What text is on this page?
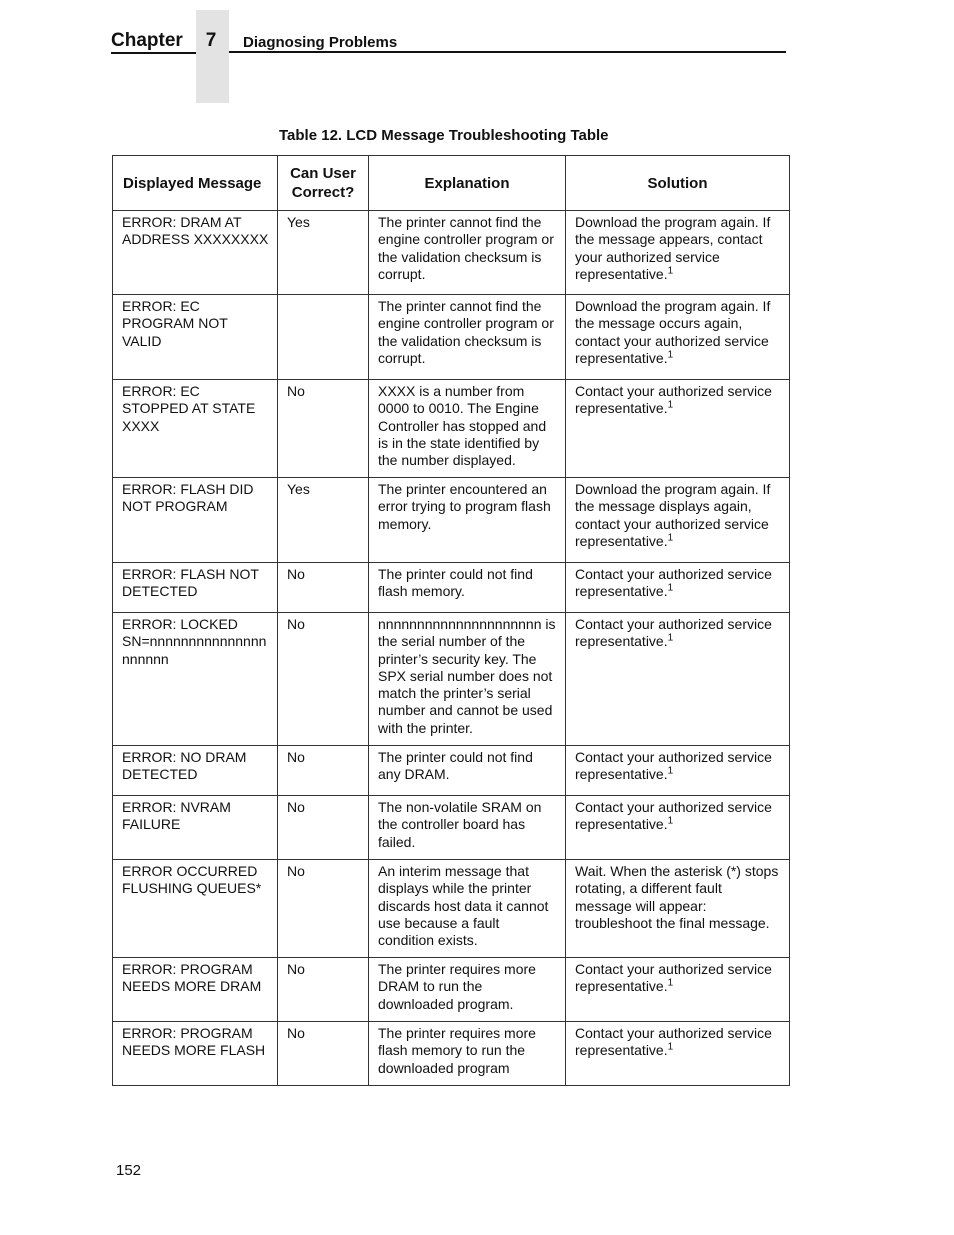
Chapter	7	Diagnosing Problems
Table 12. LCD Message Troubleshooting Table
Displayed Message	Can User Correct?	Explanation	Solution
ERROR: DRAM AT ADDRESS XXXXXXXX	Yes	The printer cannot find the engine controller program or the validation checksum is corrupt.	Download the program again. If the message appears, contact your authorized service representative.$^1$
ERROR: EC PROGRAM NOT VALID		The printer cannot find the engine controller program or the validation checksum is corrupt.	Download the program again. If the message occurs again, contact your authorized service representative.$^1$
ERROR: EC STOPPED AT STATE XXXX	No	XXXX is a number from 0000 to 0010. The Engine Controller has stopped and is in the state identified by the number displayed.	Contact your authorized service representative.$^1$
ERROR: FLASH DID NOT PROGRAM	Yes	The printer encountered an error trying to program flash memory.	Download the program again. If the message displays again, contact your authorized service representative.$^1$
ERROR: FLASH NOT DETECTED	No	The printer could not find flash memory.	Contact your authorized service representative.$^1$
ERROR: LOCKED SN=nnnnnnnnnnnnnnn nnnnnn	No	nnnnnnnnnnnnnnnnnnnnn is the serial number of the printer’s security key. The SPX serial number does not match the printer’s serial number and cannot be used with the printer.	Contact your authorized service representative.$^1$
ERROR: NO DRAM DETECTED	No	The printer could not find any DRAM.	Contact your authorized service representative.$^1$
ERROR: NVRAM FAILURE	No	The non-volatile SRAM on the controller board has failed.	Contact your authorized service representative.$^1$
ERROR OCCURRED FLUSHING QUEUES*	No	An interim message that displays while the printer discards host data it cannot use because a fault condition exists.	Wait. When the asterisk (*) stops rotating, a different fault message will appear: troubleshoot the final message.
ERROR: PROGRAM NEEDS MORE DRAM	No	The printer requires more DRAM to run the downloaded program.	Contact your authorized service representative.$^1$
ERROR: PROGRAM NEEDS MORE FLASH	No	The printer requires more flash memory to run the downloaded program	Contact your authorized service representative.$^1$
152
